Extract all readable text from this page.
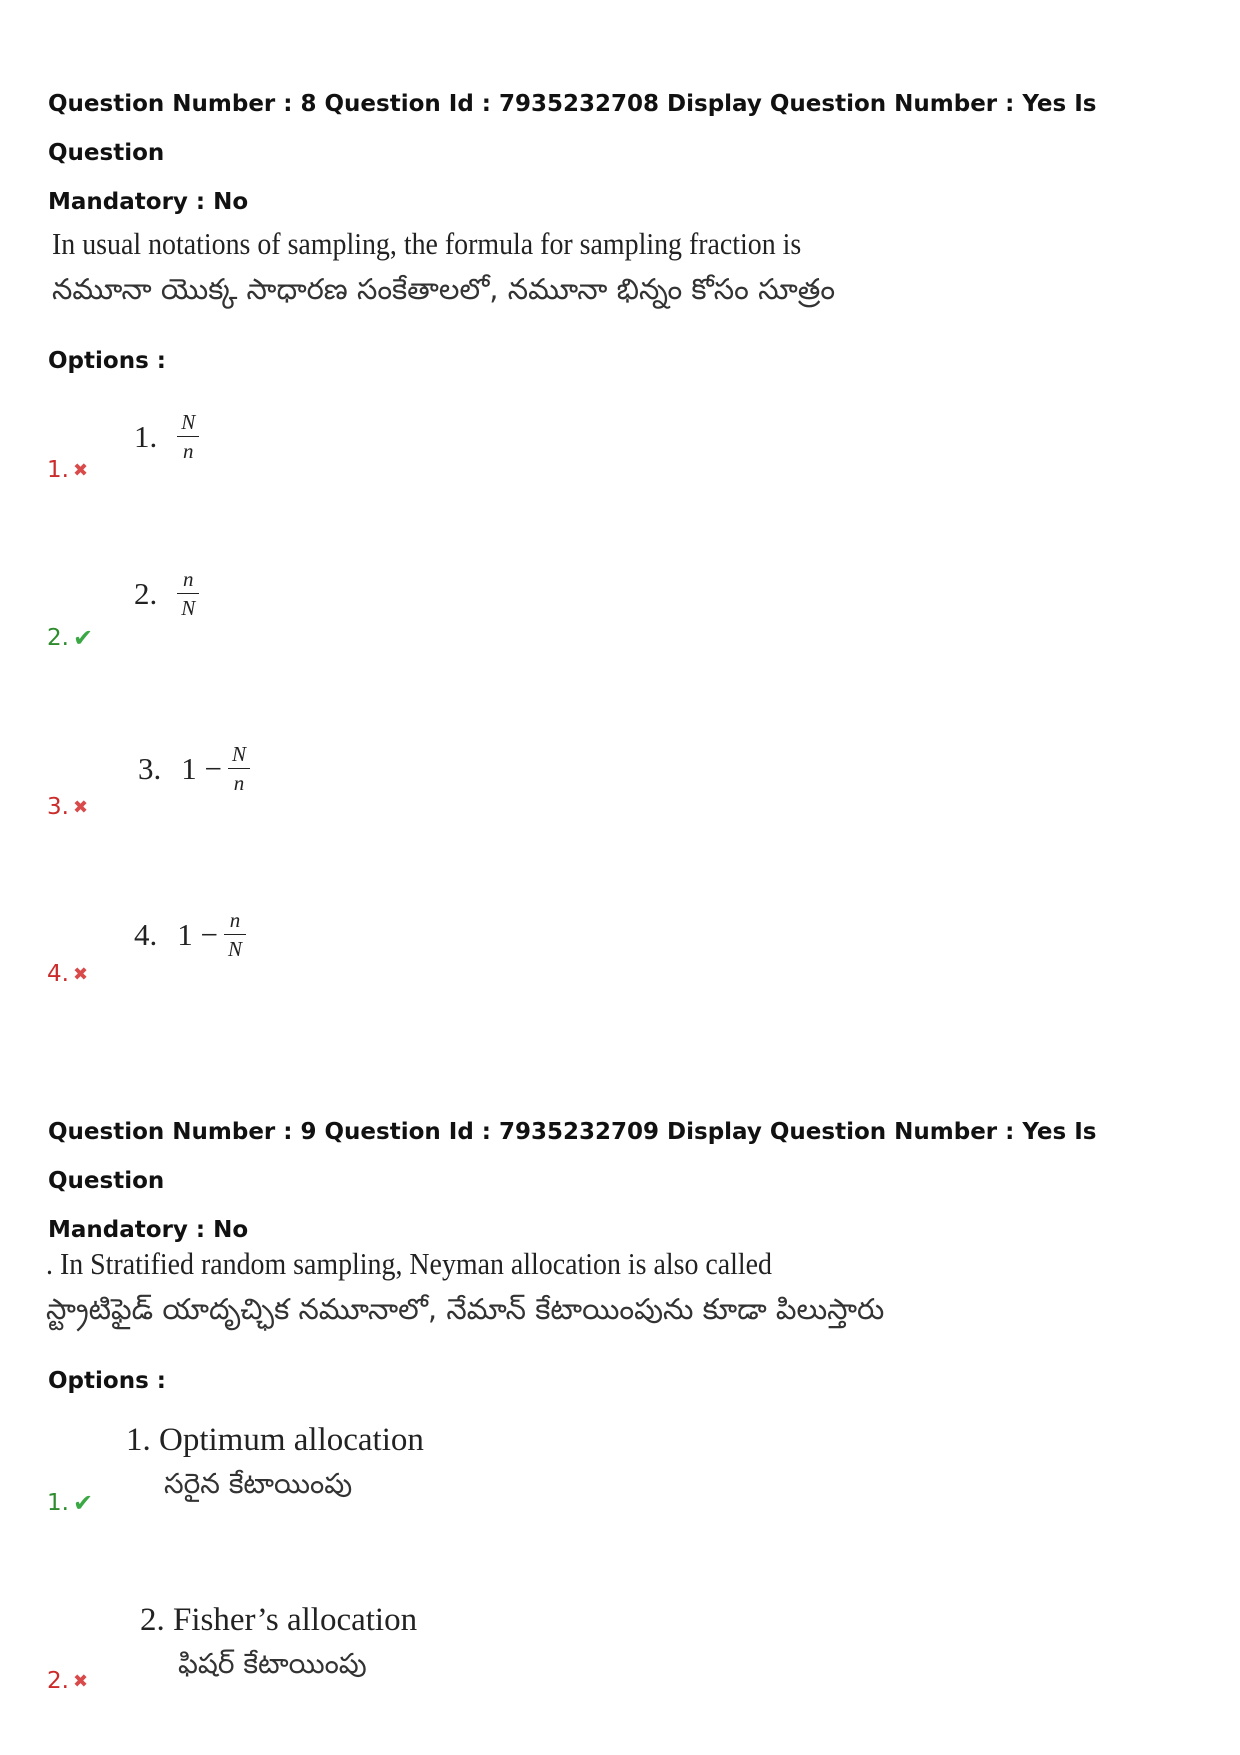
Question Number : 8 Question Id : 7935232708 Display Question Number : Yes Is Question
Mandatory : No
In usual notations of sampling, the formula for sampling fraction is
నమూనా యొక్క సాధారణ సంకేతాలలో, నమూనా భిన్నం కోసం సూత్రం
Options :
1. $\frac{N}{n}$
1. ✖
2. $\frac{n}{N}$
2. ✔
3. $1 - \frac{N}{n}$
3. ✖
4. $1 - \frac{n}{N}$
4. ✖
Question Number : 9 Question Id : 7935232709 Display Question Number : Yes Is Question
Mandatory : No
. In Stratified random sampling, Neyman allocation is also called
స్ట్రాటిఫైడ్ యాదృచ్ఛిక నమూనాలో, నేమాన్ కేటాయింపును కూడా పిలుస్తారు
Options :
1. Optimum allocation
సరైన కేటాయింపు
1. ✔
2. Fisher’s allocation
ఫిషర్ కేటాయింపు
2. ✖
